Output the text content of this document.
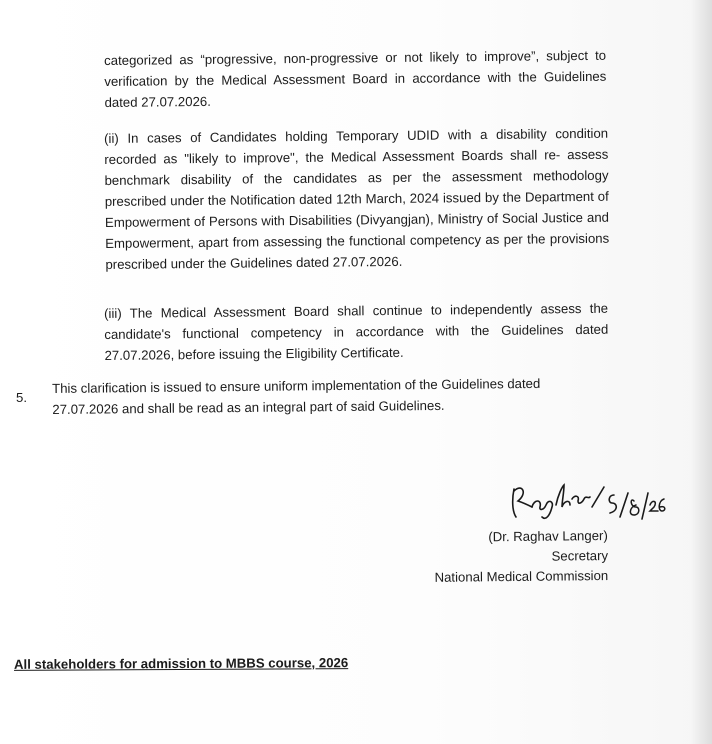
categorized as “progressive, non-progressive or not likely to improve”, subject to verification by the Medical Assessment Board in accordance with the Guidelines dated 27.07.2026.

(ii) In cases of Candidates holding Temporary UDID with a disability condition recorded as "likely to improve", the Medical Assessment Boards shall re- assess benchmark disability of the candidates as per the assessment methodology prescribed under the Notification dated 12th March, 2024 issued by the Department of Empowerment of Persons with Disabilities (Divyangjan), Ministry of Social Justice and Empowerment, apart from assessing the functional competency as per the provisions prescribed under the Guidelines dated 27.07.2026.

(iii) The Medical Assessment Board shall continue to independently assess the candidate's functional competency in accordance with the Guidelines dated 27.07.2026, before issuing the Eligibility Certificate.

5.

This clarification is issued to ensure uniform implementation of the Guidelines dated 27.07.2026 and shall be read as an integral part of said Guidelines.

(Dr. Raghav Langer)
Secretary
National Medical Commission
All stakeholders for admission to MBBS course, 2026
